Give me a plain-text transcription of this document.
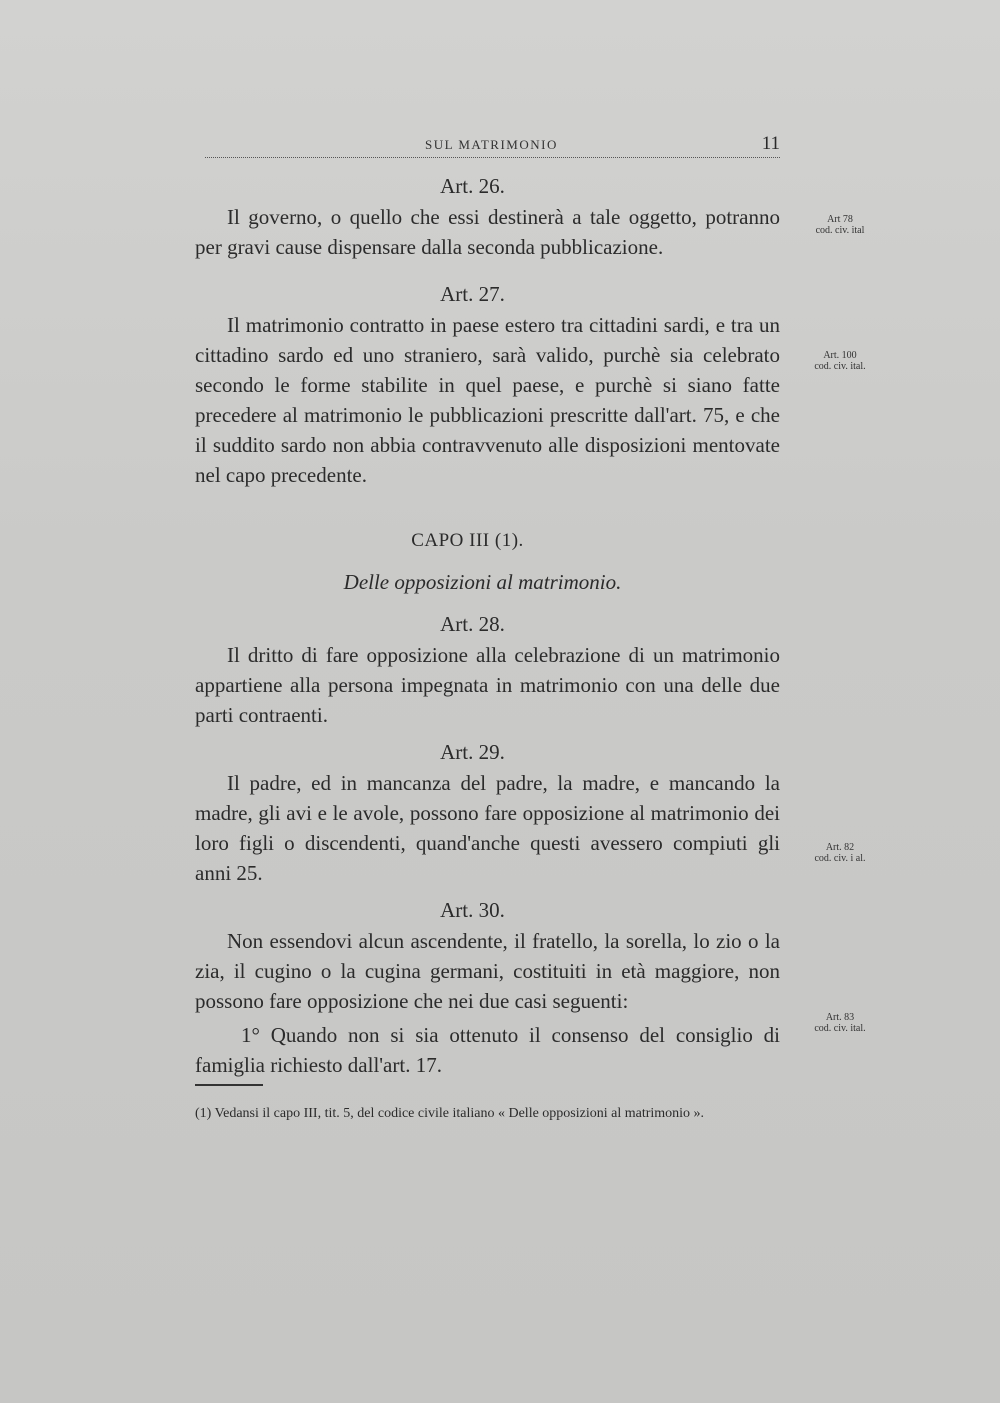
SUL MATRIMONIO	11
Art. 26.

Il governo, o quello che essi destinerà a tale oggetto, potranno per gravi cause dispensare dalla seconda pubblicazione.

Art. 27.

Il matrimonio contratto in paese estero tra cittadini sardi, e tra un cittadino sardo ed uno straniero, sarà valido, purchè sia celebrato secondo le forme stabilite in quel paese, e purchè si siano fatte precedere al matrimonio le pubblicazioni prescritte dall'art. 75, e che il suddito sardo non abbia contravvenuto alle disposizioni mentovate nel capo precedente.

CAPO III (1).
Delle opposizioni al matrimonio.
Art. 28.

Il dritto di fare opposizione alla celebrazione di un matrimonio appartiene alla persona impegnata in matrimonio con una delle due parti contraenti.

Art. 29.

Il padre, ed in mancanza del padre, la madre, e mancando la madre, gli avi e le avole, possono fare opposizione al matrimonio dei loro figli o discendenti, quand'anche questi avessero compiuti gli anni 25.

Art. 30.

Non essendovi alcun ascendente, il fratello, la sorella, lo zio o la zia, il cugino o la cugina germani, costituiti in età maggiore, non possono fare opposizione che nei due casi seguenti:

1° Quando non si sia ottenuto il consenso del consiglio di famiglia richiesto dall'art. 17.

(1) Vedansi il capo III, tit. 5, del codice civile italiano « Delle opposizioni al matrimonio ».

Art 78
cod. civ. ital
Art. 100
cod. civ. ital.
Art. 82
cod. civ. i al.
Art. 83
cod. civ. ital.
